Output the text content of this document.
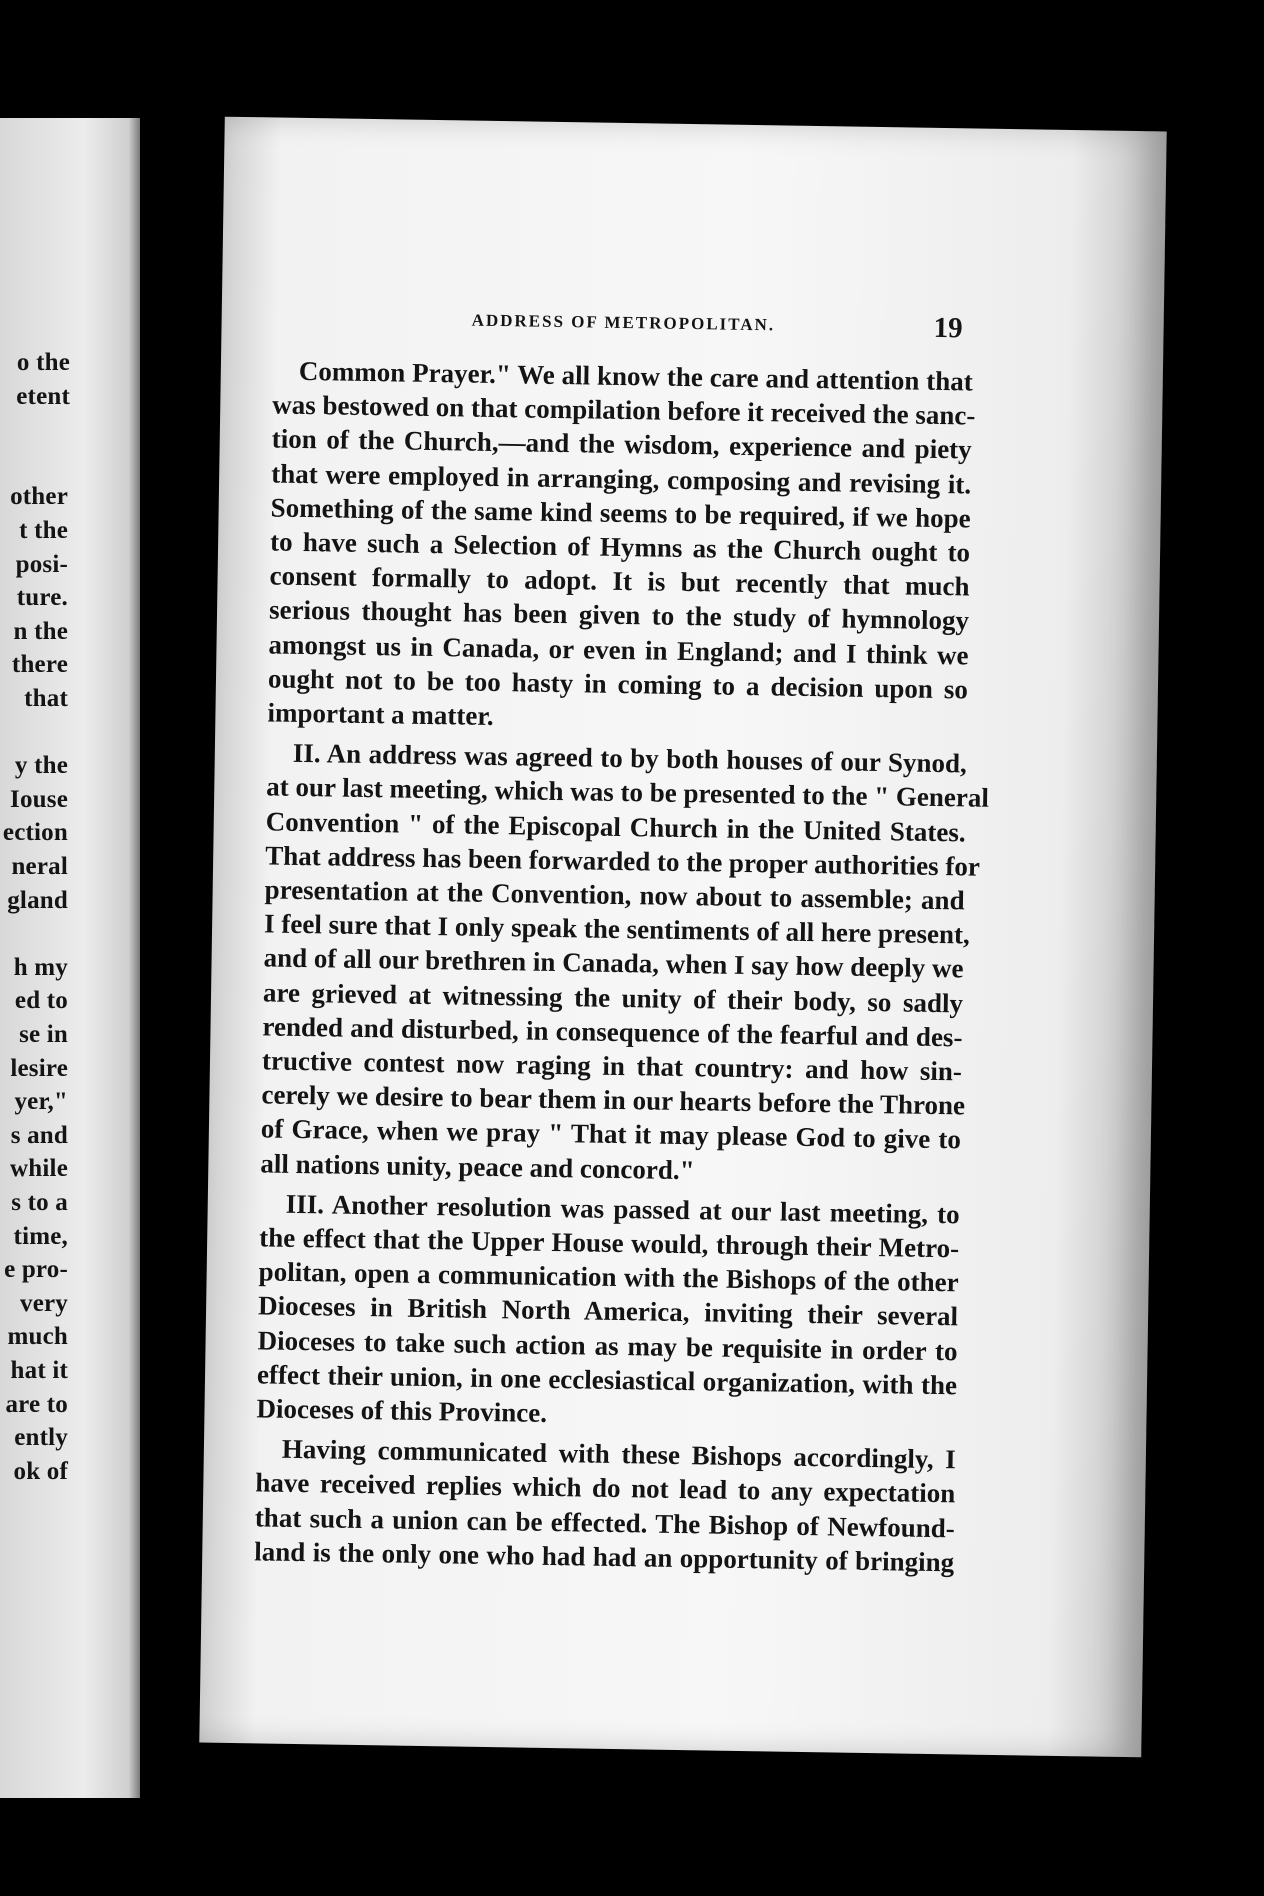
o the
etent
other
t the
posi-
ture.
n the
there
that
y the
Iouse
ection
neral
gland
h my
ed to
se in
lesire
yer,"
s and
while
s to a
time,
e pro-
very
much
hat it
are to
ently
ok of
ADDRESS OF METROPOLITAN.	19
Common Prayer." We all know the care and attention that
was bestowed on that compilation before it received the sanc-
tion of the Church,—and the wisdom, experience and piety
that were employed in arranging, composing and revising it.
Something of the same kind seems to be required, if we hope
to have such a Selection of Hymns as the Church ought to
consent formally to adopt. It is but recently that much
serious thought has been given to the study of hymnology
amongst us in Canada, or even in England; and I think we
ought not to be too hasty in coming to a decision upon so
important a matter.
II. An address was agreed to by both houses of our Synod,
at our last meeting, which was to be presented to the " General
Convention " of the Episcopal Church in the United States.
That address has been forwarded to the proper authorities for
presentation at the Convention, now about to assemble; and
I feel sure that I only speak the sentiments of all here present,
and of all our brethren in Canada, when I say how deeply we
are grieved at witnessing the unity of their body, so sadly
rended and disturbed, in consequence of the fearful and des-
tructive contest now raging in that country: and how sin-
cerely we desire to bear them in our hearts before the Throne
of Grace, when we pray " That it may please God to give to
all nations unity, peace and concord."
III. Another resolution was passed at our last meeting, to
the effect that the Upper House would, through their Metro-
politan, open a communication with the Bishops of the other
Dioceses in British North America, inviting their several
Dioceses to take such action as may be requisite in order to
effect their union, in one ecclesiastical organization, with the
Dioceses of this Province.
Having communicated with these Bishops accordingly, I
have received replies which do not lead to any expectation
that such a union can be effected. The Bishop of Newfound-
land is the only one who had had an opportunity of bringing
